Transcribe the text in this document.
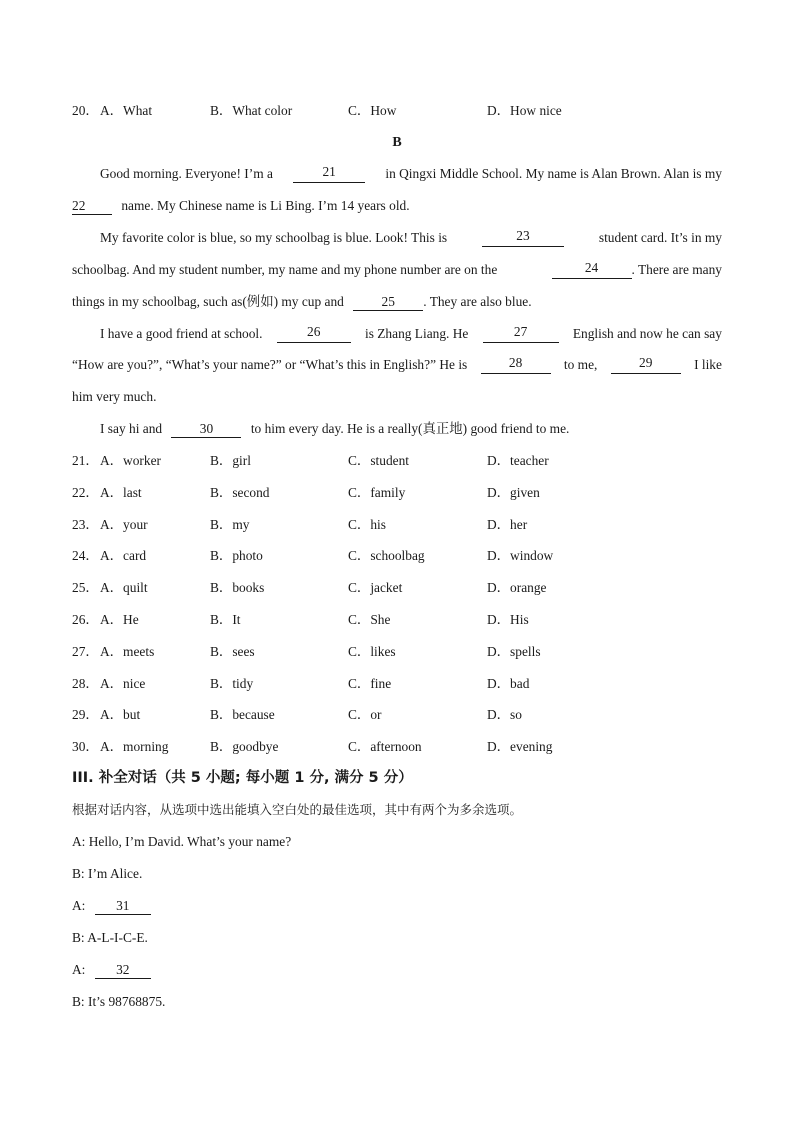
20． A．What	B．What color	C．How	D．How nice
B
Good morning. Everyone! I’m a	21	in Qingxi Middle School. My name is Alan Brown. Alan is my
22	name. My Chinese name is Li Bing. I’m 14 years old.
My favorite color is blue, so my schoolbag is blue. Look! This is	23	student card. It’s in my
schoolbag. And my student number, my name and my phone number are on the	24	. There are many
things in my schoolbag, such as(例如) my cup and	25 . They are also blue.
I have a good friend at school.	26	is Zhang Liang. He	27	English and now he can say
“How are you?”, “What’s your name?” or “What’s this in English?” He is	28	to me,	29	I like
him very much.
I say hi and	30	to him every day. He is a really(真正地) good friend to me.
21． A．worker	B．girl	C．student	D．teacher
22． A．last	B．second	C．family	D．given
23． A．your	B．my	C．his	D．her
24． A．card	B．photo	C．schoolbag	D．window
25． A．quilt	B．books	C．jacket	D．orange
26． A．He	B．It	C．She	D．His
27． A．meets	B．sees	C．likes	D．spells
28． A．nice	B．tidy	C．fine	D．bad
29． A．but	B．because	C．or	D．so
30． A．morning	B．goodbye	C．afternoon	D．evening
III. 补全对话（共 5 小题; 每小题 1 分, 满分 5 分）
根据对话内容，从选项中选出能填入空白处的最佳选项，其中有两个为多余选项。
A: Hello, I’m David. What’s your name?
B: I’m Alice.
A: 31
B: A-L-I-C-E.
A: 32
B: It’s 98768875.
